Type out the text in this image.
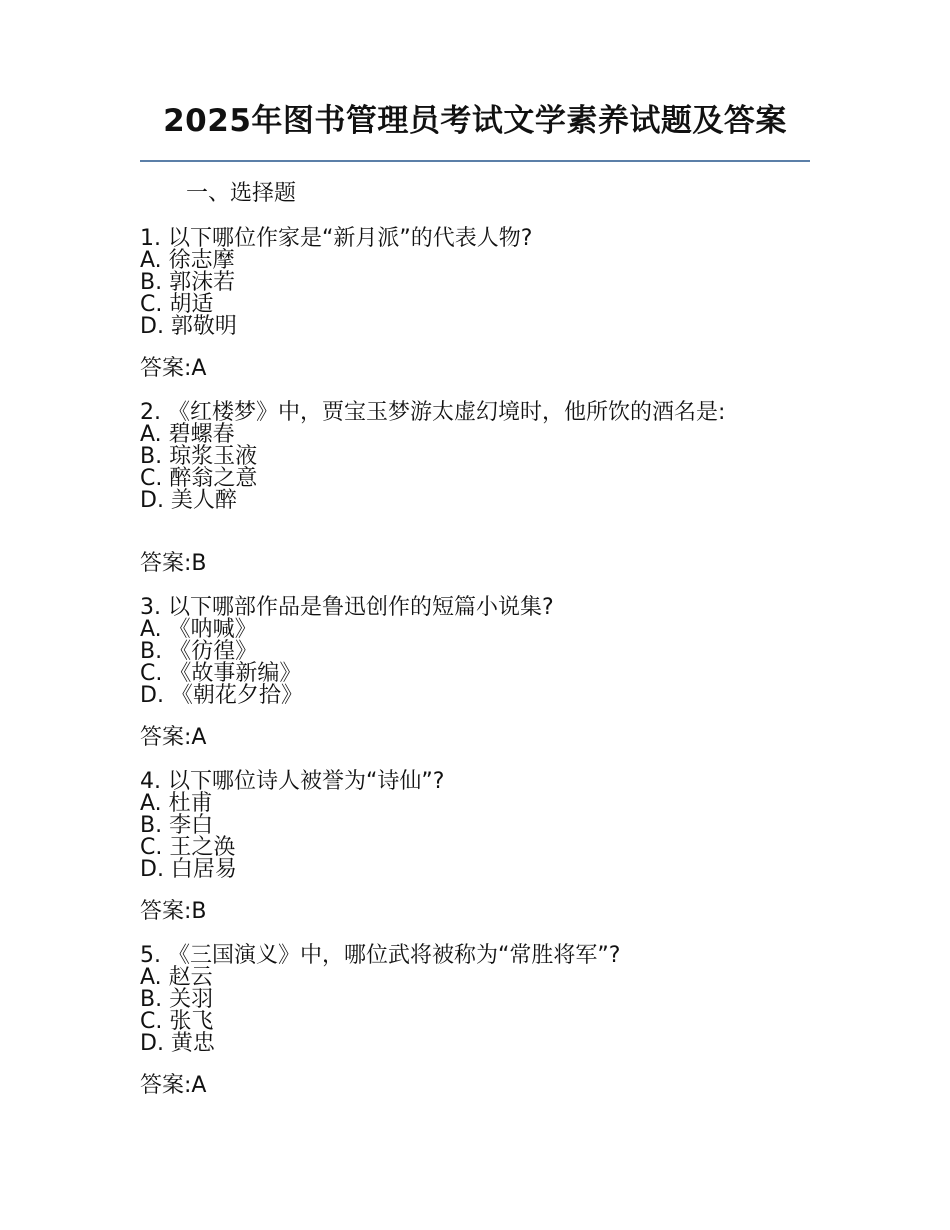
2025年图书管理员考试文学素养试题及答案
一、选择题

1. 以下哪位作家是“新月派”的代表人物?

A. 徐志摩

B. 郭沫若

C. 胡适

D. 郭敬明

答案:A

2. 《红楼梦》中，贾宝玉梦游太虚幻境时，他所饮的酒名是:

A. 碧螺春

B. 琼浆玉液

C. 醉翁之意

D. 美人醉

答案:B

3. 以下哪部作品是鲁迅创作的短篇小说集?

A. 《呐喊》

B. 《彷徨》

C. 《故事新编》

D. 《朝花夕拾》

答案:A

4. 以下哪位诗人被誉为“诗仙”?

A. 杜甫

B. 李白

C. 王之涣

D. 白居易

答案:B

5. 《三国演义》中，哪位武将被称为“常胜将军”?

A. 赵云

B. 关羽

C. 张飞

D. 黄忠

答案:A
